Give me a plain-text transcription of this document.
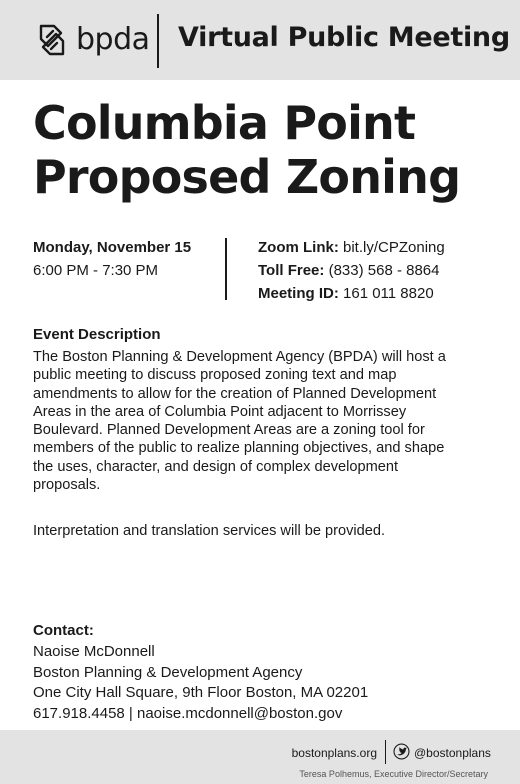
bpda Virtual Public Meeting
Columbia Point
Proposed Zoning
Monday, November 15
6:00 PM - 7:30 PM
Zoom Link: bit.ly/CPZoning
Toll Free: (833) 568 - 8864
Meeting ID: 161 011 8820
Event Description
The Boston Planning & Development Agency (BPDA) will host a
public meeting to discuss proposed zoning text and map
amendments to allow for the creation of Planned Development
Areas in the area of Columbia Point adjacent to Morrissey
Boulevard. Planned Development Areas are a zoning tool for
members of the public to realize planning objectives, and shape
the uses, character, and design of complex development
proposals.
Interpretation and translation services will be provided.
Contact:
Naoise McDonnell
Boston Planning & Development Agency
One City Hall Square, 9th Floor Boston, MA 02201
617.918.4458 | naoise.mcdonnell@boston.gov
bostonplans.org	@bostonplans
Teresa Polhemus, Executive Director/Secretary
